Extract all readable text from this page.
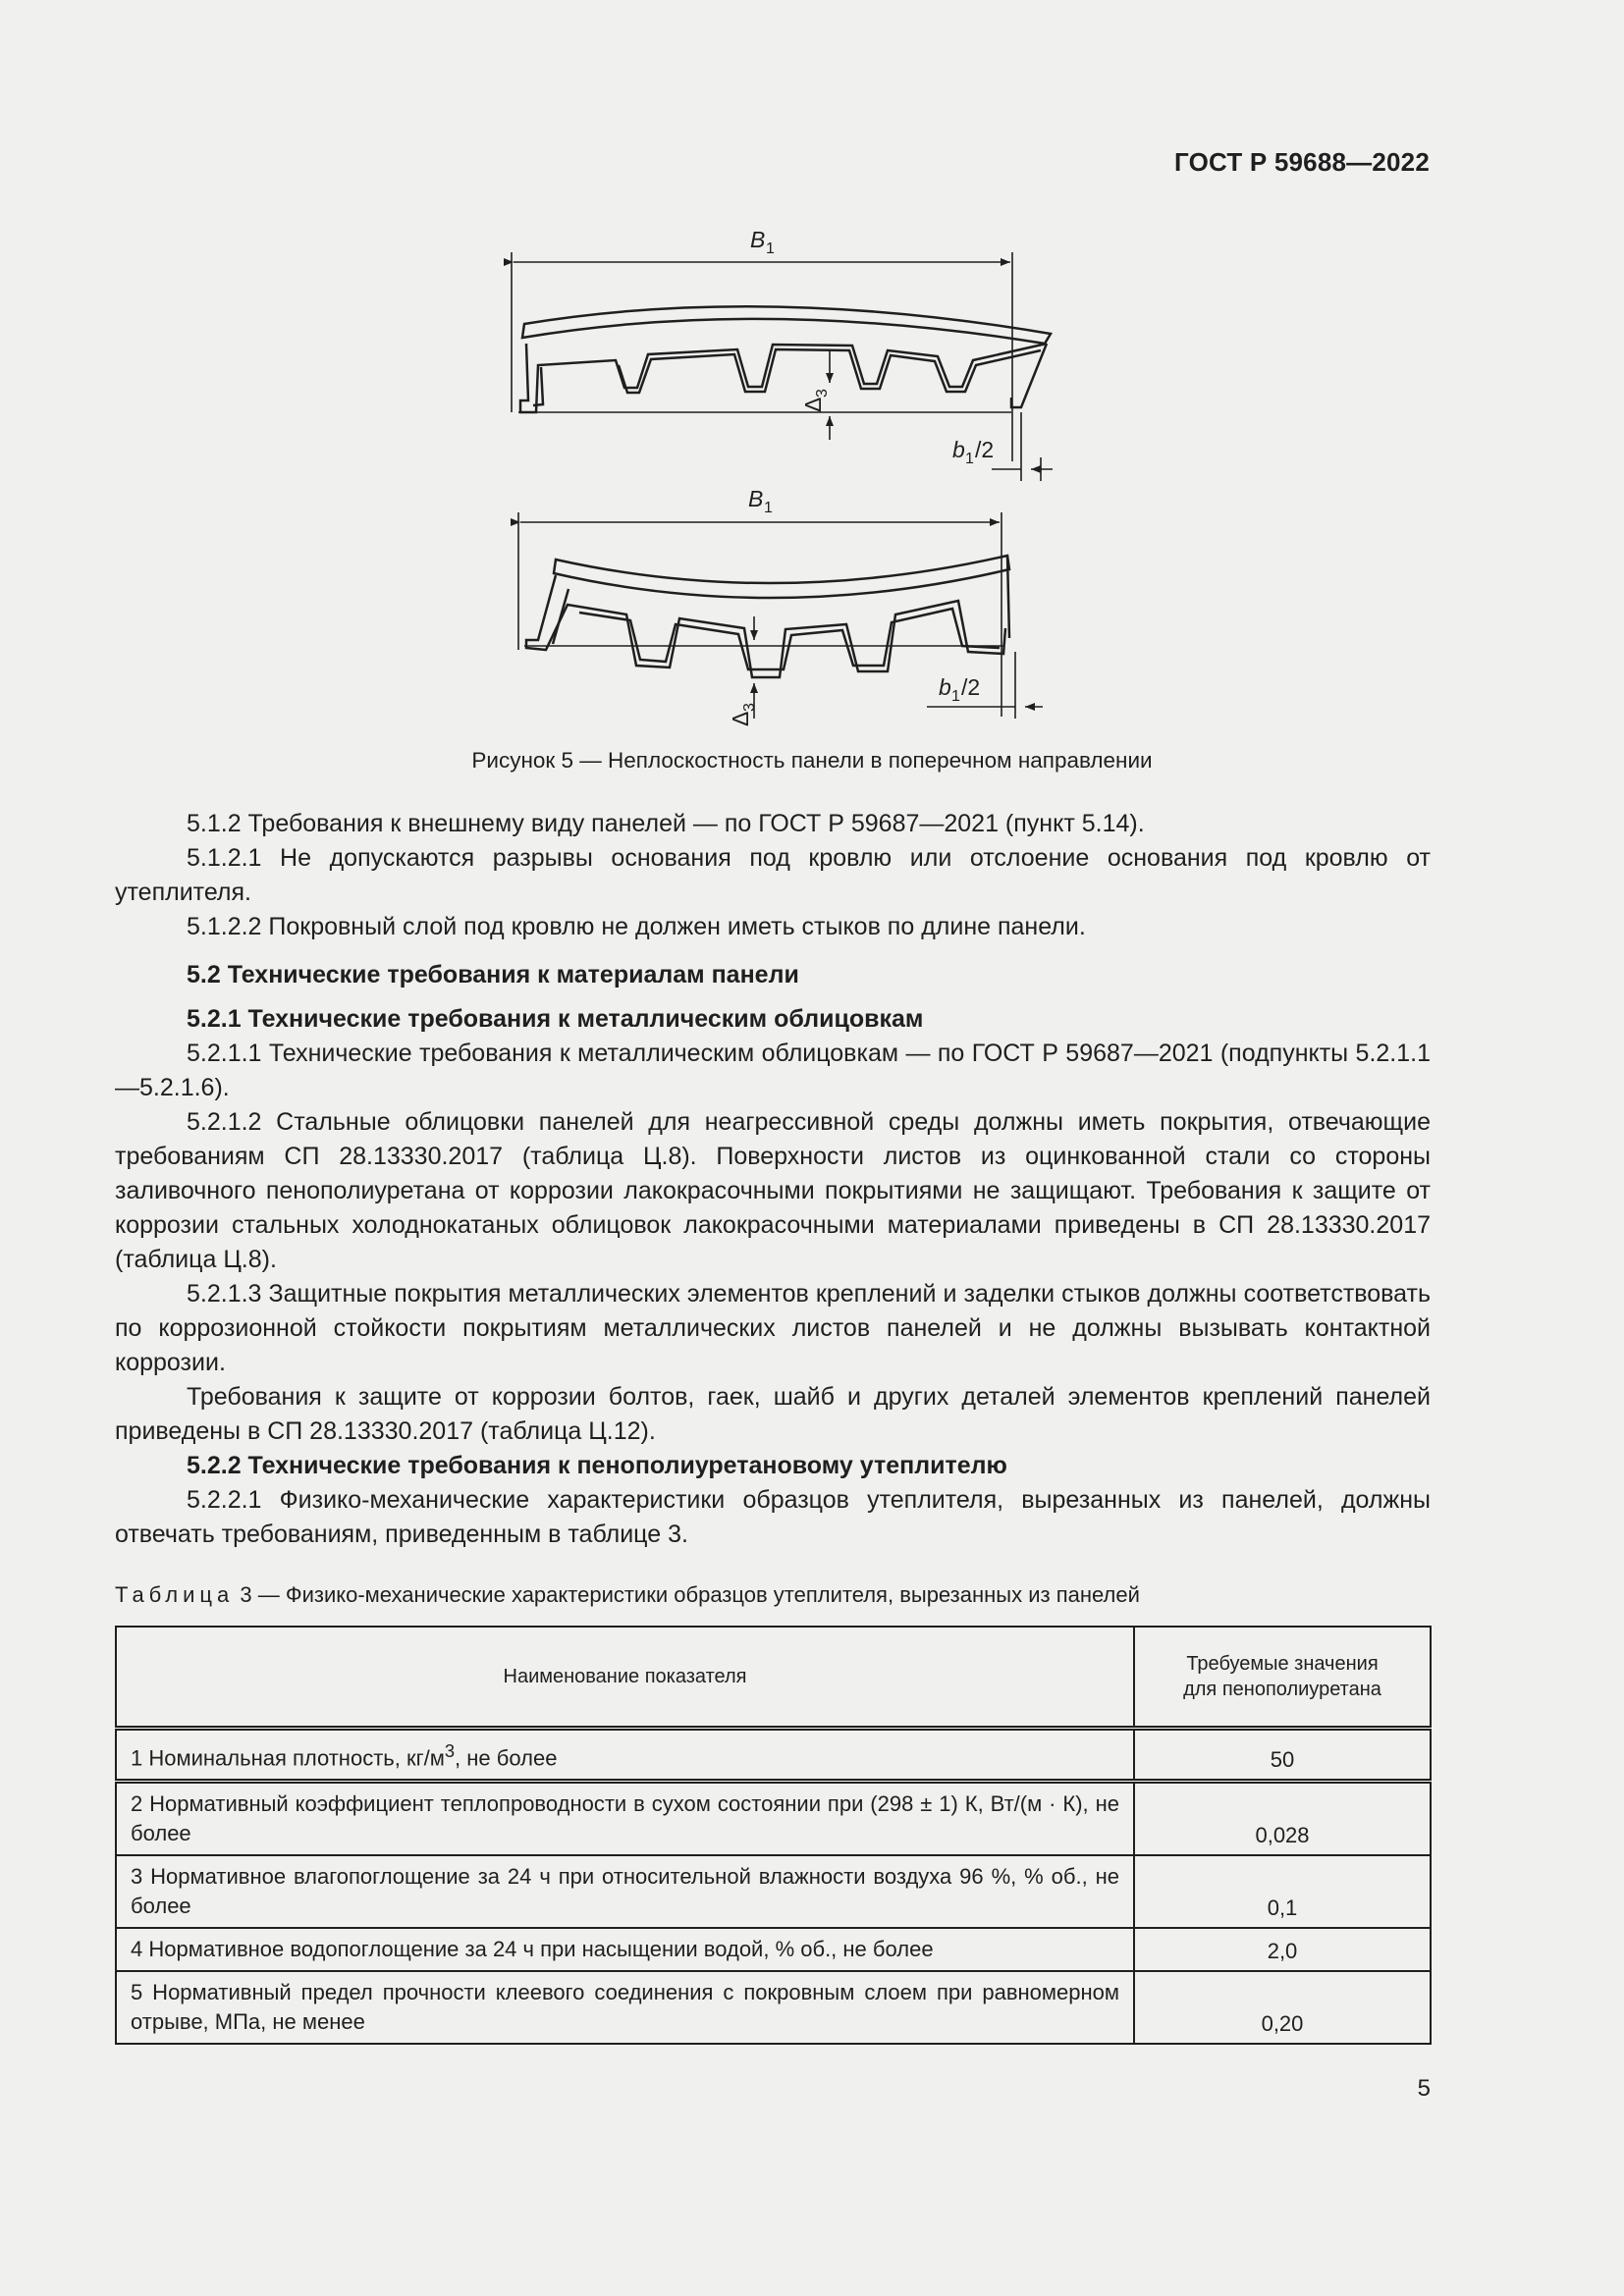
ГОСТ Р 59688—2022
B 1
Δ
3
b 1 /2
B 1
Δ
3
b 1 /2
Рисунок 5 — Неплоскостность панели в поперечном направлении

5.1.2 Требования к внешнему виду панелей — по ГОСТ Р 59687—2021 (пункт 5.14).

5.1.2.1 Не допускаются разрывы основания под кровлю или отслоение основания под кровлю от утеплителя.

5.1.2.2 Покровный слой под кровлю не должен иметь стыков по длине панели.

5.2 Технические требования к материалам панели

5.2.1 Технические требования к металлическим облицовкам

5.2.1.1 Технические требования к металлическим облицовкам — по ГОСТ Р 59687—2021 (подпункты 5.2.1.1—5.2.1.6).

5.2.1.2 Стальные облицовки панелей для неагрессивной среды должны иметь покрытия, отвечающие требованиям СП 28.13330.2017 (таблица Ц.8). Поверхности листов из оцинкованной стали со стороны заливочного пенополиуретана от коррозии лакокрасочными покрытиями не защищают. Требования к защите от коррозии стальных холоднокатаных облицовок лакокрасочными материалами приведены в СП 28.13330.2017 (таблица Ц.8).

5.2.1.3 Защитные покрытия металлических элементов креплений и заделки стыков должны соответствовать по коррозионной стойкости покрытиям металлических листов панелей и не должны вызывать контактной коррозии.

Требования к защите от коррозии болтов, гаек, шайб и других деталей элементов креплений панелей приведены в СП 28.13330.2017 (таблица Ц.12).

5.2.2 Технические требования к пенополиуретановому утеплителю

5.2.2.1 Физико-механические характеристики образцов утеплителя, вырезанных из панелей, должны отвечать требованиям, приведенным в таблице 3.

Таблица 3 — Физико-механические характеристики образцов утеплителя, вырезанных из панелей
Наименование показателя	Требуемые значения
для пенополиуретана
1 Номинальная плотность, $кг/м^3$, не более	50
2 Нормативный коэффициент теплопроводности в сухом состоянии при (298 ± 1) К, Вт/(м · К), не более	0,028
3 Нормативное влагопоглощение за 24 ч при относительной влажности воздуха 96 %, % об., не более	0,1
4 Нормативное водопоглощение за 24 ч при насыщении водой, % об., не более	2,0
5 Нормативный предел прочности клеевого соединения с покровным слоем при равномерном отрыве, МПа, не менее	0,20
5
